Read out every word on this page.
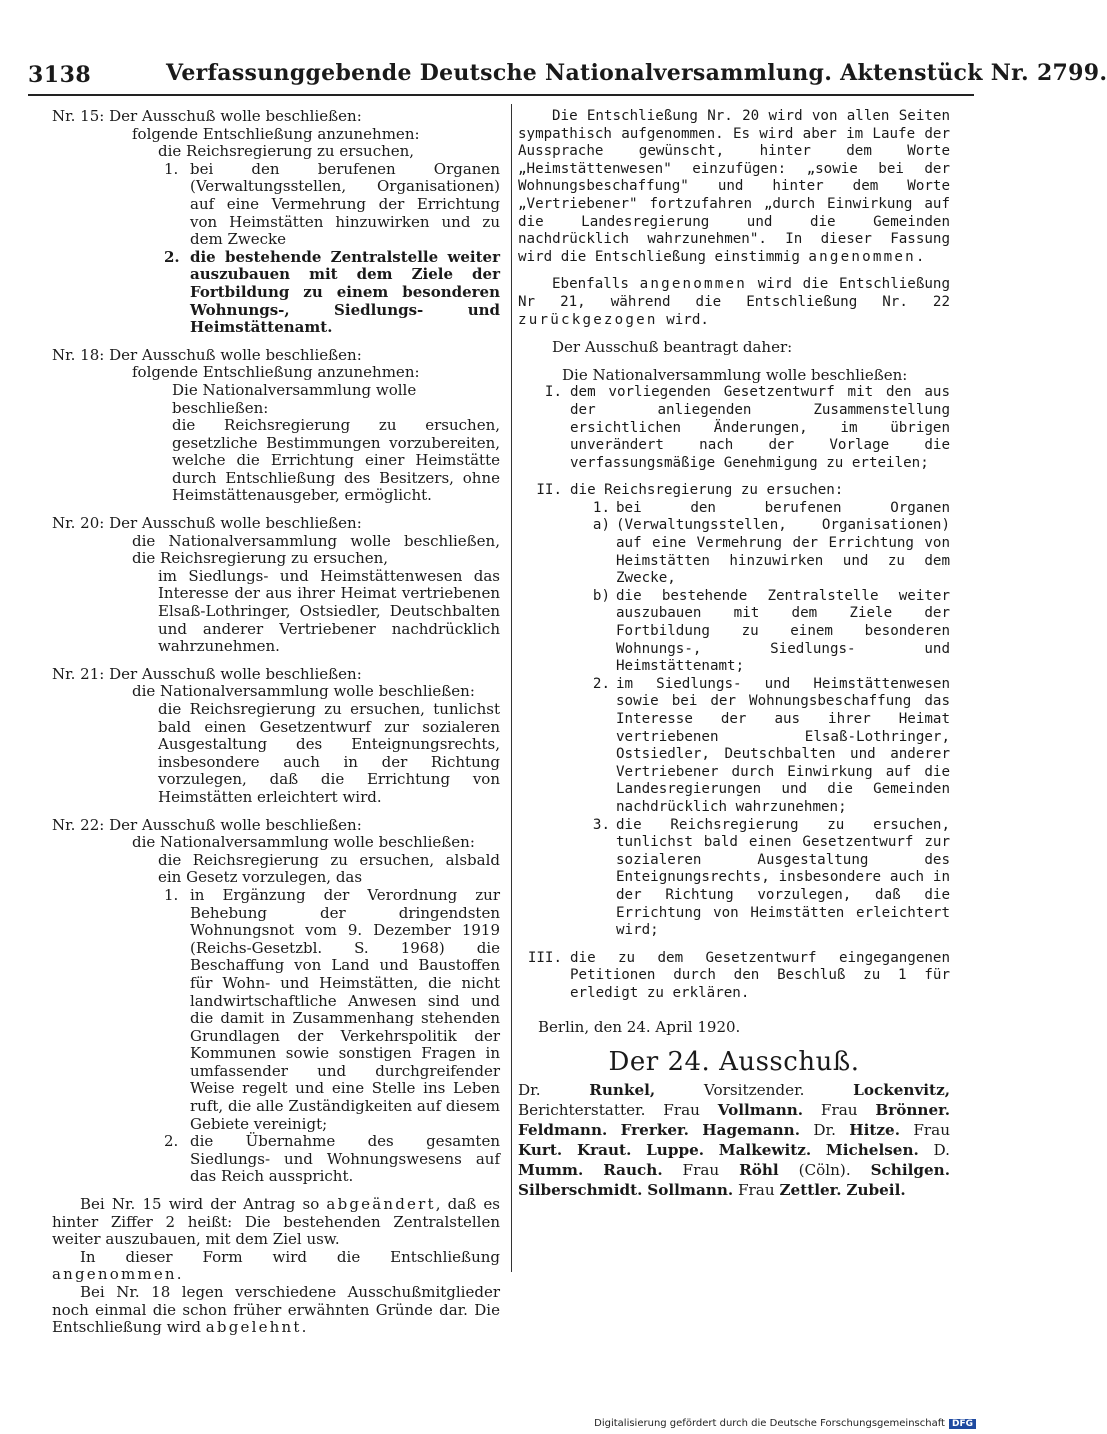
3138	Verfassunggebende Deutsche Nationalversammlung. Aktenstück Nr. 2799.

Nr. 15: Der Ausschuß wolle beschließen:

folgende Entschließung anzunehmen:

die Reichsregierung zu ersuchen,

1. bei den berufenen Organen (Verwaltungsstellen, Organisationen) auf eine Vermehrung der Errichtung von Heimstätten hinzuwirken und zu dem Zwecke
2. die bestehende Zentralstelle weiter auszubauen mit dem Ziele der Fortbildung zu einem besonderen Wohnungs-, Siedlungs- und Heimstättenamt.

Nr. 18: Der Ausschuß wolle beschließen:

folgende Entschließung anzunehmen:

Die Nationalversammlung wolle beschließen:

die Reichsregierung zu ersuchen, gesetzliche Bestimmungen vorzubereiten, welche die Errichtung einer Heimstätte durch Entschließung des Besitzers, ohne Heimstättenausgeber, ermöglicht.

Nr. 20: Der Ausschuß wolle beschließen:

die Nationalversammlung wolle beschließen, die Reichsregierung zu ersuchen,

im Siedlungs- und Heimstättenwesen das Interesse der aus ihrer Heimat vertriebenen Elsaß-Lothringer, Ostsiedler, Deutschbalten und anderer Vertriebener nachdrücklich wahrzunehmen.

Nr. 21: Der Ausschuß wolle beschließen:

die Nationalversammlung wolle beschließen:

die Reichsregierung zu ersuchen, tunlichst bald einen Gesetzentwurf zur sozialeren Ausgestaltung des Enteignungsrechts, insbesondere auch in der Richtung vorzulegen, daß die Errichtung von Heimstätten erleichtert wird.

Nr. 22: Der Ausschuß wolle beschließen:

die Nationalversammlung wolle beschließen:

die Reichsregierung zu ersuchen, alsbald ein Gesetz vorzulegen, das

1. in Ergänzung der Verordnung zur Behebung der dringendsten Wohnungsnot vom 9. Dezember 1919 (Reichs-Gesetzbl. S. 1968) die Beschaffung von Land und Baustoffen für Wohn- und Heimstätten, die nicht landwirtschaftliche Anwesen sind und die damit in Zusammenhang stehenden Grundlagen der Verkehrspolitik der Kommunen sowie sonstigen Fragen in umfassender und durchgreifender Weise regelt und eine Stelle ins Leben ruft, die alle Zuständigkeiten auf diesem Gebiete vereinigt;
2. die Übernahme des gesamten Siedlungs- und Wohnungswesens auf das Reich ausspricht.

Bei Nr. 15 wird der Antrag so abgeändert, daß es hinter Ziffer 2 heißt: Die bestehenden Zentralstellen weiter auszubauen, mit dem Ziel usw.

In dieser Form wird die Entschließung angenommen.

Bei Nr. 18 legen verschiedene Ausschußmitglieder noch einmal die schon früher erwähnten Gründe dar. Die Entschließung wird abgelehnt.

Die Entschließung Nr. 20 wird von allen Seiten sympathisch aufgenommen. Es wird aber im Laufe der Aussprache gewünscht, hinter dem Worte „Heimstättenwesen" einzufügen: „sowie bei der Wohnungsbeschaffung" und hinter dem Worte „Vertriebener" fortzufahren „durch Einwirkung auf die Landesregierung und die Gemeinden nachdrücklich wahrzunehmen". In dieser Fassung wird die Entschließung einstimmig angenommen.

Ebenfalls angenommen wird die Entschließung Nr 21, während die Entschließung Nr. 22 zurückgezogen wird.

Der Ausschuß beantragt daher:

Die Nationalversammlung wolle beschließen:

I. dem vorliegenden Gesetzentwurf mit den aus der anliegenden Zusammenstellung ersichtlichen Änderungen, im übrigen unverändert nach der Vorlage die verfassungsmäßige Genehmigung zu erteilen;
II. die Reichsregierung zu ersuchen:
1. a)
bei den berufenen Organen (Verwaltungsstellen, Organisationen) auf eine Vermehrung der Errichtung von Heimstätten hinzuwirken und zu dem Zwecke,
b) die bestehende Zentralstelle weiter auszubauen mit dem Ziele der Fortbildung zu einem besonderen Wohnungs-, Siedlungs- und Heimstättenamt;
2. im Siedlungs- und Heimstättenwesen sowie bei der Wohnungsbeschaffung das Interesse der aus ihrer Heimat vertriebenen Elsaß-Lothringer, Ostsiedler, Deutschbalten und anderer Vertriebener durch Einwirkung auf die Landesregierungen und die Gemeinden nachdrücklich wahrzunehmen;
3. die Reichsregierung zu ersuchen, tunlichst bald einen Gesetzentwurf zur sozialeren Ausgestaltung des Enteignungsrechts, insbesondere auch in der Richtung vorzulegen, daß die Errichtung von Heimstätten erleichtert wird;
III. die zu dem Gesetzentwurf eingegangenen Petitionen durch den Beschluß zu 1 für erledigt zu erklären.

Berlin, den 24. April 1920.

Der 24. Ausschuß.

Dr. Runkel, Vorsitzender. Lockenvitz, Berichterstatter. Frau Vollmann. Frau Brönner. Feldmann. Frerker. Hagemann. Dr. Hitze. Frau Kurt. Kraut. Luppe. Malkewitz. Michelsen. D. Mumm. Rauch. Frau Röhl (Cöln). Schilgen. Silberschmidt. Sollmann. Frau Zettler. Zubeil.

Digitalisierung gefördert durch die Deutsche Forschungsgemeinschaft DFG
